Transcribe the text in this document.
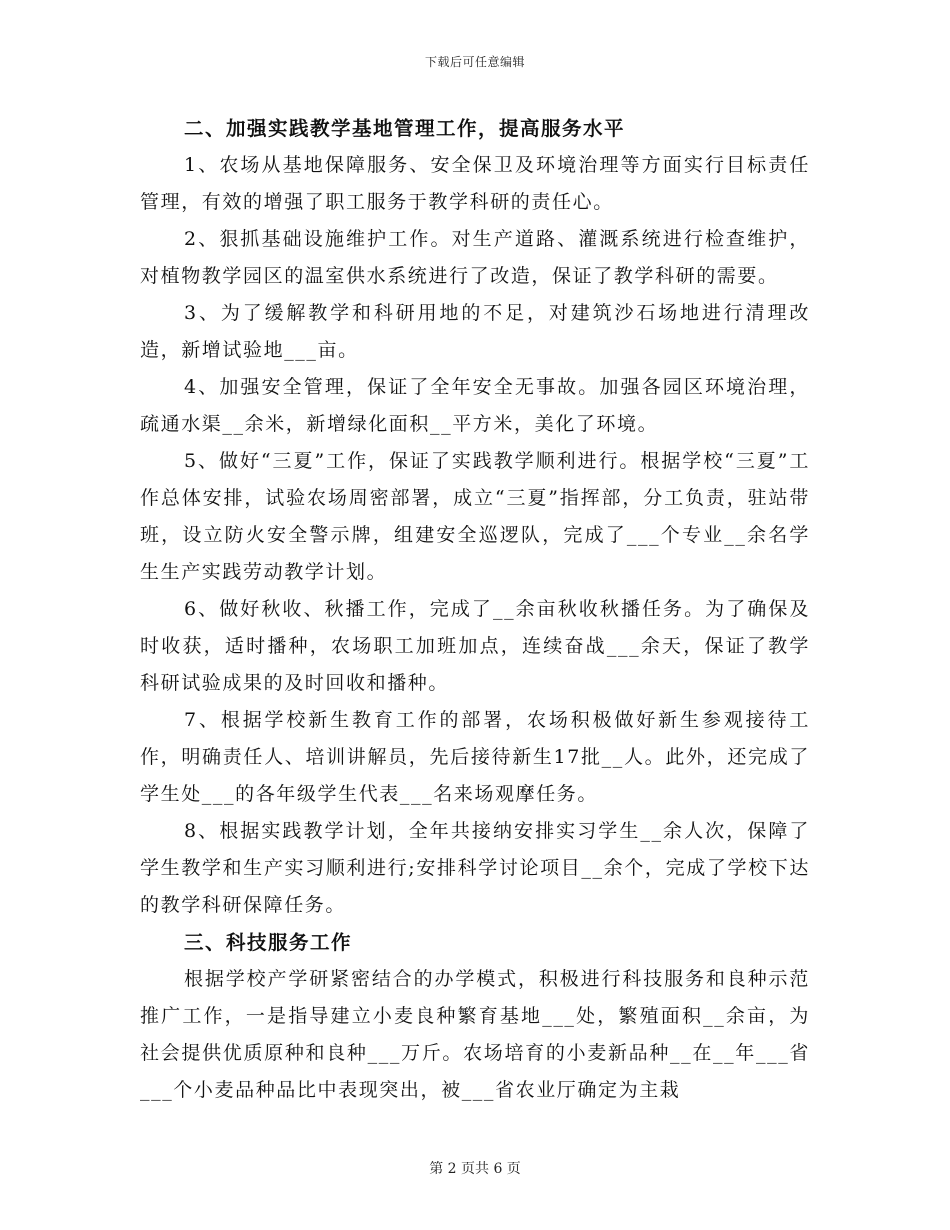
下载后可任意编辑

二、加强实践教学基地管理工作，提高服务水平

1、农场从基地保障服务、安全保卫及环境治理等方面实行目标责任管理，有效的增强了职工服务于教学科研的责任心。

2、狠抓基础设施维护工作。对生产道路、灌溉系统进行检查维护，对植物教学园区的温室供水系统进行了改造，保证了教学科研的需要。

3、为了缓解教学和科研用地的不足，对建筑沙石场地进行清理改造，新增试验地___亩。

4、加强安全管理，保证了全年安全无事故。加强各园区环境治理，疏通水渠__余米，新增绿化面积__平方米，美化了环境。

5、做好“三夏”工作，保证了实践教学顺利进行。根据学校“三夏”工作总体安排，试验农场周密部署，成立“三夏”指挥部，分工负责，驻站带班，设立防火安全警示牌，组建安全巡逻队，完成了___个专业__余名学生生产实践劳动教学计划。

6、做好秋收、秋播工作，完成了__余亩秋收秋播任务。为了确保及时收获，适时播种，农场职工加班加点，连续奋战___余天，保证了教学科研试验成果的及时回收和播种。

7、根据学校新生教育工作的部署，农场积极做好新生参观接待工作，明确责任人、培训讲解员，先后接待新生17批__人。此外，还完成了学生处___的各年级学生代表___名来场观摩任务。

8、根据实践教学计划，全年共接纳安排实习学生__余人次，保障了学生教学和生产实习顺利进行;安排科学讨论项目__余个，完成了学校下达的教学科研保障任务。

三、科技服务工作

根据学校产学研紧密结合的办学模式，积极进行科技服务和良种示范推广工作，一是指导建立小麦良种繁育基地___处，繁殖面积__余亩，为社会提供优质原种和良种___万斤。农场培育的小麦新品种__在__年___省___个小麦品种品比中表现突出，被___省农业厅确定为主栽

第 2 页共 6 页
